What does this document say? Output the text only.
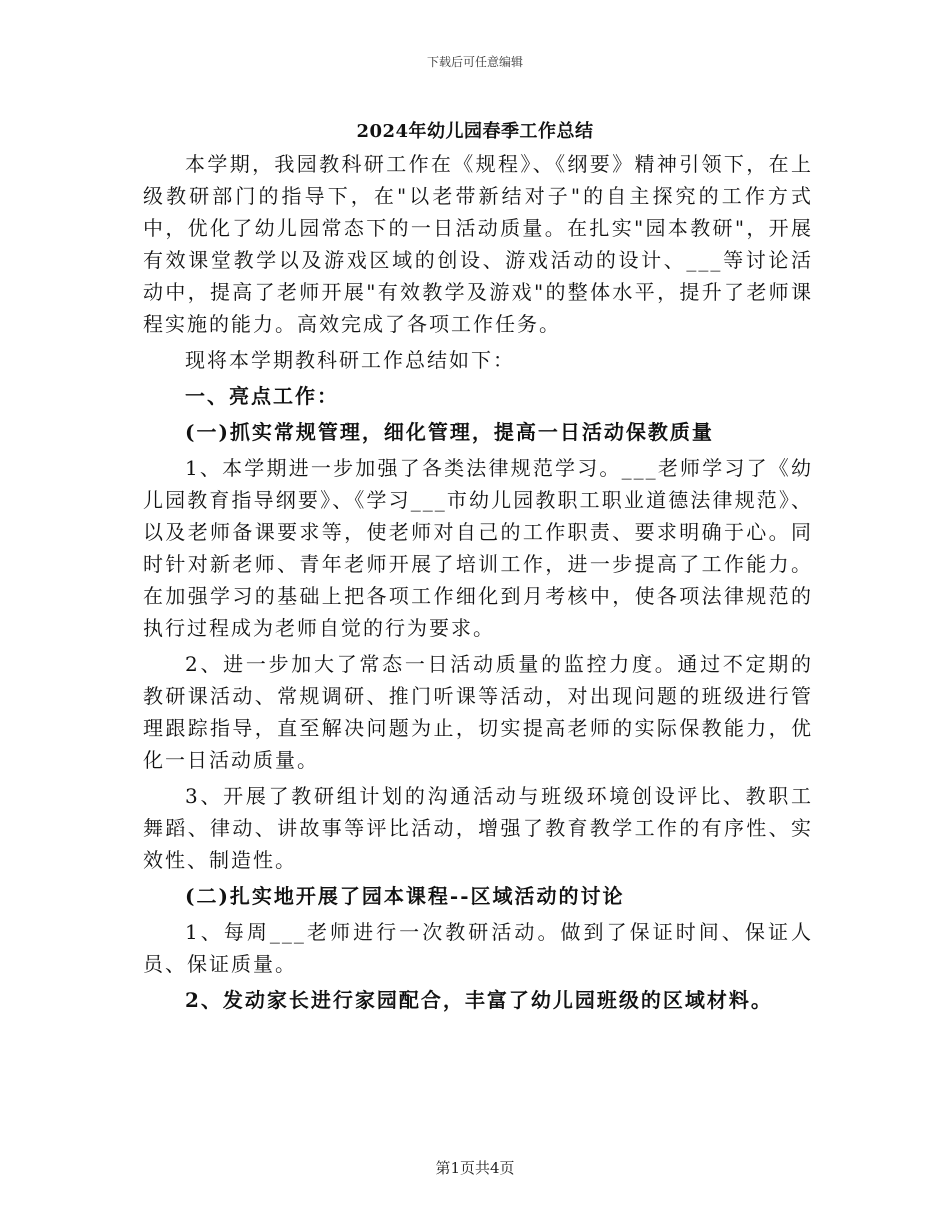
下载后可任意编辑
2024年幼儿园春季工作总结

本学期，我园教科研工作在《规程》、《纲要》精神引领下，在上级教研部门的指导下，在"以老带新结对子"的自主探究的工作方式中，优化了幼儿园常态下的一日活动质量。在扎实"园本教研"，开展有效课堂教学以及游戏区域的创设、游戏活动的设计、___等讨论活动中，提高了老师开展"有效教学及游戏"的整体水平，提升了老师课程实施的能力。高效完成了各项工作任务。

现将本学期教科研工作总结如下：

一、亮点工作：

(一)抓实常规管理，细化管理，提高一日活动保教质量

1、本学期进一步加强了各类法律规范学习。___老师学习了《幼儿园教育指导纲要》、《学习___市幼儿园教职工职业道德法律规范》、以及老师备课要求等，使老师对自己的工作职责、要求明确于心。同时针对新老师、青年老师开展了培训工作，进一步提高了工作能力。在加强学习的基础上把各项工作细化到月考核中，使各项法律规范的执行过程成为老师自觉的行为要求。

2、进一步加大了常态一日活动质量的监控力度。通过不定期的教研课活动、常规调研、推门听课等活动，对出现问题的班级进行管理跟踪指导，直至解决问题为止，切实提高老师的实际保教能力，优化一日活动质量。

3、开展了教研组计划的沟通活动与班级环境创设评比、教职工舞蹈、律动、讲故事等评比活动，增强了教育教学工作的有序性、实效性、制造性。

(二)扎实地开展了园本课程--区域活动的讨论

1、每周___老师进行一次教研活动。做到了保证时间、保证人员、保证质量。

2、发动家长进行家园配合，丰富了幼儿园班级的区域材料。

第1页共4页
